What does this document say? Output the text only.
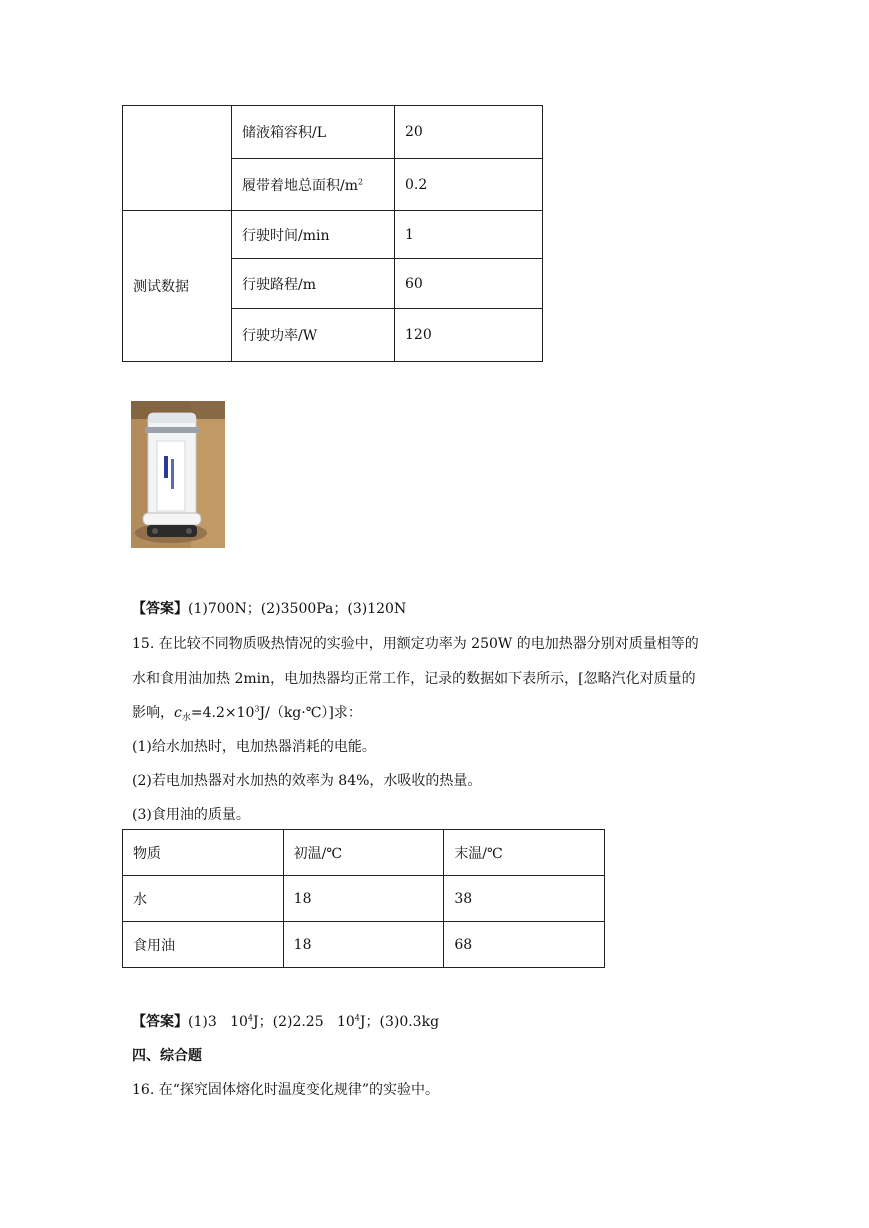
	储液箱容积/L	20
	履带着地总面积$/m^2$	0.2
测试数据	行驶时间/min	1
	行驶路程/m	60
	行驶功率/W	120
【答案】(1)700N；(2)3500Pa；(3)120N
15. 在比较不同物质吸热情况的实验中，用额定功率为 250W 的电加热器分别对质量相等的
水和食用油加热 2min，电加热器均正常工作，记录的数据如下表所示，[忽略汽化对质量的
影响，$c_水=4.2\times 10^3J/(kg\cdot℃)$]求：
(1)给水加热时，电加热器消耗的电能。
(2)若电加热器对水加热的效率为 84%，水吸收的热量。
(3)食用油的质量。
物质	初温/℃	末温/℃
水	18	38
食用油	18	68
【答案】(1)3   $10^4J$；(2)2.25   $10^4J$；(3)0.3kg
四、综合题
16. 在“探究固体熔化时温度变化规律”的实验中。
